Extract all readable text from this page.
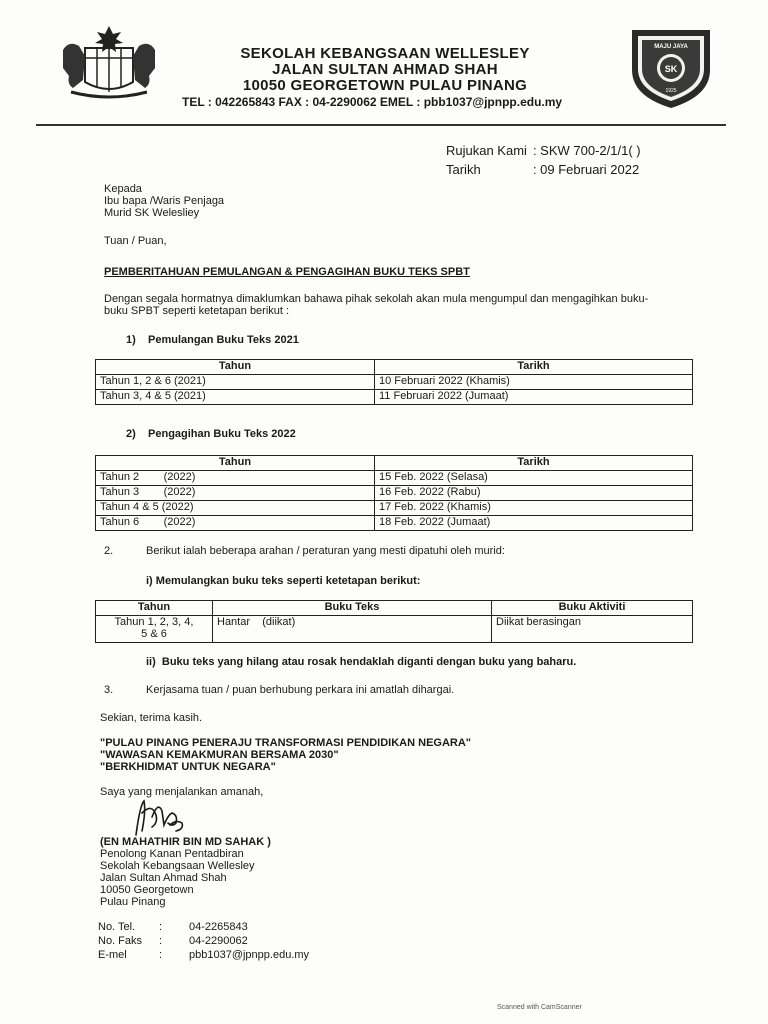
SK
MAJU JAYA
1925
SEKOLAH KEBANGSAAN WELLESLEY
JALAN SULTAN AHMAD SHAH
10050 GEORGETOWN PULAU PINANG
TEL : 042265843 FAX : 04-2290062 EMEL : pbb1037@jpnpp.edu.my
Rujukan Kami	: SKW 700-2/1/1( )
Tarikh	: 09 Februari 2022
Kepada
Ibu bapa /Waris Penjaga
Murid SK Welesliey
Tuan / Puan,
PEMBERITAHUAN PEMULANGAN & PENGAGIHAN BUKU TEKS SPBT
Dengan segala hormatnya dimaklumkan bahawa pihak sekolah akan mula mengumpul dan mengagihkan buku-
buku SPBT seperti ketetapan berikut :
1) Pemulangan Buku Teks 2021
Tahun	Tarikh
Tahun 1, 2 & 6 (2021)	10 Februari 2022 (Khamis)
Tahun 3, 4 & 5 (2021)	11 Februari 2022 (Jumaat)
2) Pengagihan Buku Teks 2022
Tahun	Tarikh
Tahun 2        (2022)	15 Feb. 2022 (Selasa)
Tahun 3        (2022)	16 Feb. 2022 (Rabu)
Tahun 4 & 5 (2022)	17 Feb. 2022 (Khamis)
Tahun 6        (2022)	18 Feb. 2022 (Jumaat)
2.	Berikut ialah beberapa arahan / peraturan yang mesti dipatuhi oleh murid:
i) Memulangkan buku teks seperti ketetapan berikut:
Tahun	Buku Teks	Buku Aktiviti

Tahun 1, 2, 3, 4,
5 & 6	Hantar    (diikat)	Diikat berasingan
ii)  Buku teks yang hilang atau rosak hendaklah diganti dengan buku yang baharu.
3.	Kerjasama tuan / puan berhubung perkara ini amatlah dihargai.
Sekian, terima kasih.
"PULAU PINANG PENERAJU TRANSFORMASI PENDIDIKAN NEGARA"
"WAWASAN KEMAKMURAN BERSAMA 2030"
"BERKHIDMAT UNTUK NEGARA"
Saya yang menjalankan amanah,
(EN MAHATHIR BIN MD SAHAK )
Penolong Kanan Pentadbiran
Sekolah Kebangsaan Wellesley
Jalan Sultan Ahmad Shah
10050 Georgetown
Pulau Pinang
No. Tel.	:	04-2265843
No. Faks	:	04-2290062
E-mel	:	pbb1037@jpnpp.edu.my
Scanned with CamScanner
